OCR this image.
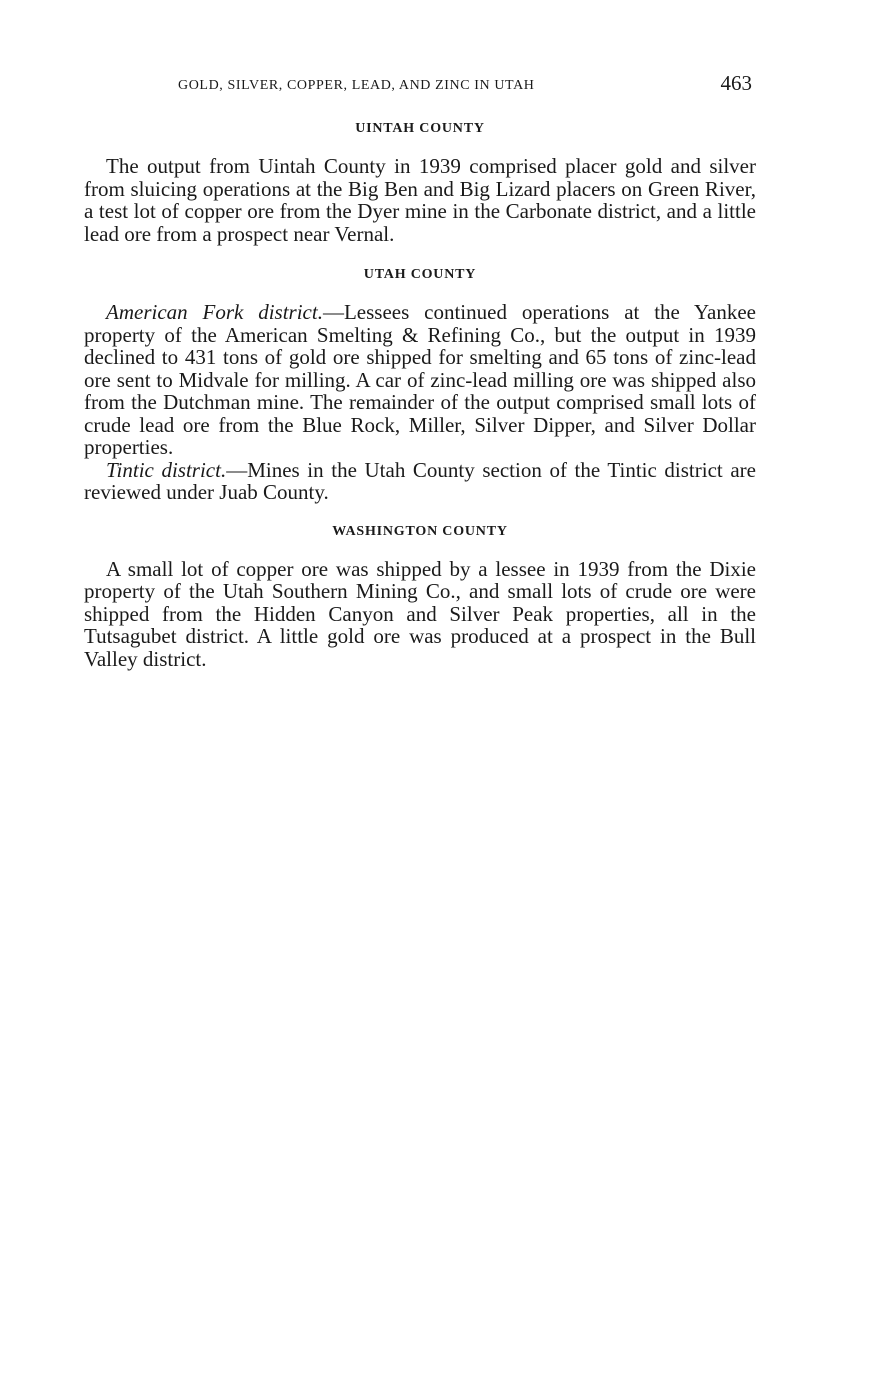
GOLD, SILVER, COPPER, LEAD, AND ZINC IN UTAH	463
UINTAH COUNTY

The output from Uintah County in 1939 comprised placer gold and silver from sluicing operations at the Big Ben and Big Lizard placers on Green River, a test lot of copper ore from the Dyer mine in the Carbonate district, and a little lead ore from a prospect near Vernal.

UTAH COUNTY

American Fork district.—Lessees continued operations at the Yankee property of the American Smelting & Refining Co., but the output in 1939 declined to 431 tons of gold ore shipped for smelting and 65 tons of zinc-lead ore sent to Midvale for milling. A car of zinc-lead milling ore was shipped also from the Dutchman mine. The remainder of the output comprised small lots of crude lead ore from the Blue Rock, Miller, Silver Dipper, and Silver Dollar properties.

Tintic district.—Mines in the Utah County section of the Tintic district are reviewed under Juab County.

WASHINGTON COUNTY

A small lot of copper ore was shipped by a lessee in 1939 from the Dixie property of the Utah Southern Mining Co., and small lots of crude ore were shipped from the Hidden Canyon and Silver Peak properties, all in the Tutsagubet district. A little gold ore was produced at a prospect in the Bull Valley district.
